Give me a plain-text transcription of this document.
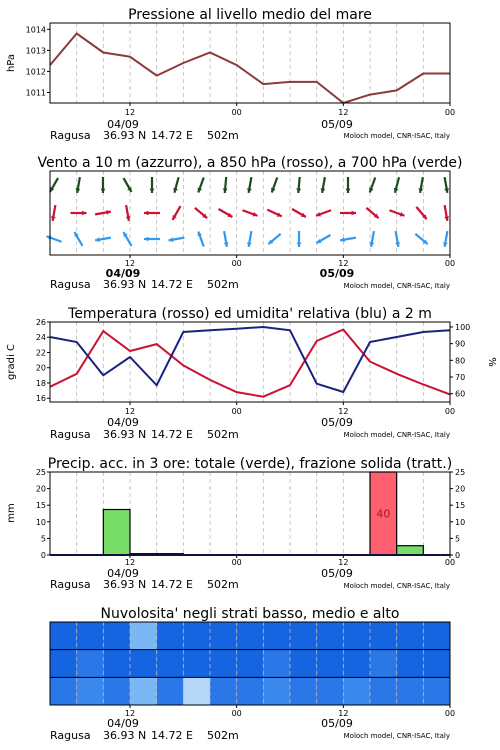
Pressione al livello medio del mare
hPa
1011
1012
1013
1014
12	00	12	00
04/09	05/09
Ragusa 36.93 N 14.72 E 502m	Moloch model, CNR-ISAC, Italy
Vento a 10 m (azzurro), a 850 hPa (rosso), a 700 hPa (verde)
12	00	12	00
04/09	05/09
Ragusa 36.93 N 14.72 E 502m	Moloch model, CNR-ISAC, Italy
Temperatura (rosso) ed umidita' relativa (blu) a 2 m
gradi C	%
16
18
20
22
24
26
60
70
80
90
100
12	00	12	00
04/09	05/09
Ragusa 36.93 N 14.72 E 502m	Moloch model, CNR-ISAC, Italy
Precip. acc. in 3 ore: totale (verde), frazione solida (tratt.)
mm
0
5
10
15
20
25
0
5
10
15
20
25
12	00	12	00
40
04/09	05/09
Ragusa 36.93 N 14.72 E 502m	Moloch model, CNR-ISAC, Italy
Nuvolosita' negli strati basso, medio e alto
12	00	12	00
04/09	05/09
Ragusa 36.93 N 14.72 E 502m	Moloch model, CNR-ISAC, Italy
